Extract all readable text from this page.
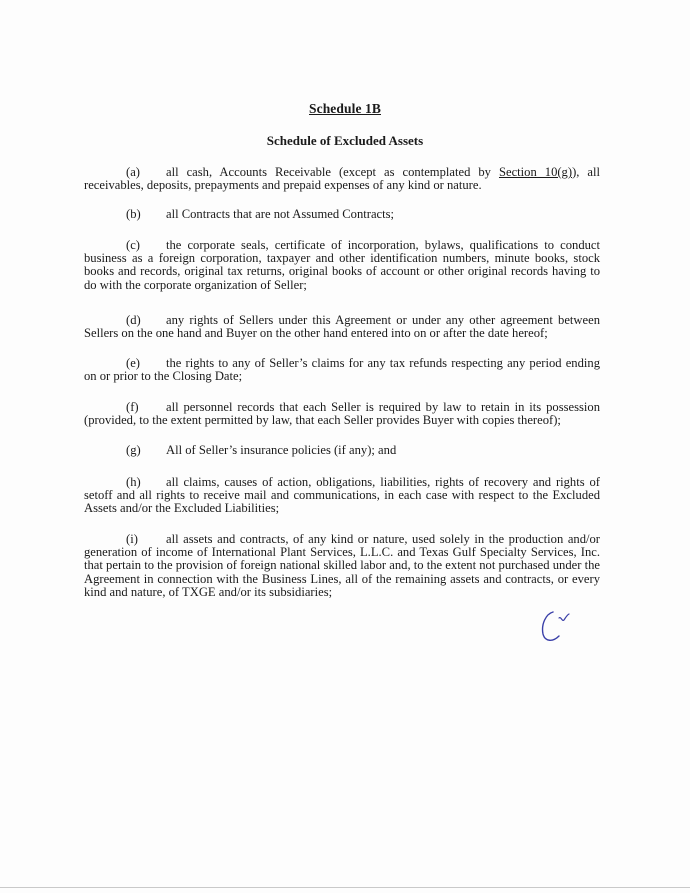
Schedule 1B
Schedule of Excluded Assets
(a) all cash, Accounts Receivable (except as contemplated by Section 10(g)), all receivables, deposits, prepayments and prepaid expenses of any kind or nature.
(b) all Contracts that are not Assumed Contracts;
(c) the corporate seals, certificate of incorporation, bylaws, qualifications to conduct business as a foreign corporation, taxpayer and other identification numbers, minute books, stock books and records, original tax returns, original books of account or other original records having to do with the corporate organization of Seller;
(d) any rights of Sellers under this Agreement or under any other agreement between Sellers on the one hand and Buyer on the other hand entered into on or after the date hereof;
(e) the rights to any of Seller’s claims for any tax refunds respecting any period ending on or prior to the Closing Date;
(f) all personnel records that each Seller is required by law to retain in its possession (provided, to the extent permitted by law, that each Seller provides Buyer with copies thereof);
(g) All of Seller’s insurance policies (if any); and
(h) all claims, causes of action, obligations, liabilities, rights of recovery and rights of setoff and all rights to receive mail and communications, in each case with respect to the Excluded Assets and/or the Excluded Liabilities;
(i) all assets and contracts, of any kind or nature, used solely in the production and/or generation of income of International Plant Services, L.L.C. and Texas Gulf Specialty Services, Inc. that pertain to the provision of foreign national skilled labor and, to the extent not purchased under the Agreement in connection with the Business Lines, all of the remaining assets and contracts, or every kind and nature, of TXGE and/or its subsidiaries;
